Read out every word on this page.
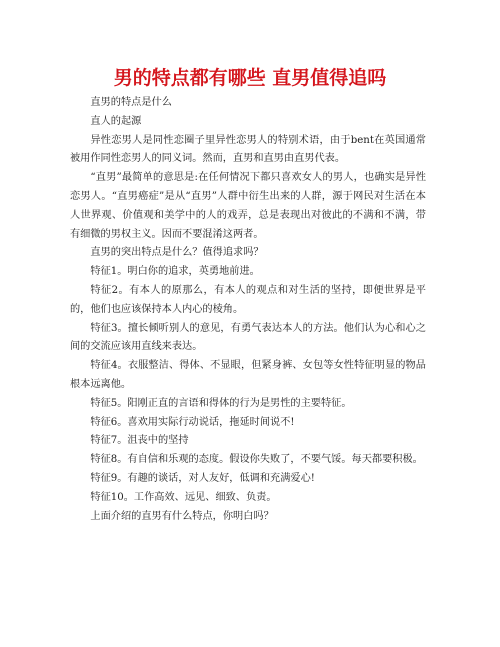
男的特点都有哪些 直男值得追吗

直男的特点是什么

直人的起源

异性恋男人是同性恋圈子里异性恋男人的特别术语，由于bent在英国通常被用作同性恋男人的同义词。然而，直男和直男由直男代表。

“直男”最简单的意思是:在任何情况下都只喜欢女人的男人，也确实是异性恋男人。“直男癌症”是从“直男”人群中衍生出来的人群，源于网民对生活在本人世界观、价值观和美学中的人的戏弄，总是表现出对彼此的不满和不满，带有细微的男权主义。因而不要混淆这两者。

直男的突出特点是什么？值得追求吗？

特征1。明白你的追求，英勇地前进。

特征2。有本人的原那么，有本人的观点和对生活的坚持，即便世界是平的，他们也应该保持本人内心的棱角。

特征3。擅长倾听别人的意见，有勇气表达本人的方法。他们认为心和心之间的交流应该用直线来表达。

特征4。衣服整洁、得体、不显眼，但紧身裤、女包等女性特征明显的物品根本远离他。

特征5。阳刚正直的言语和得体的行为是男性的主要特征。

特征6。喜欢用实际行动说话，拖延时间说不!

特征7。沮丧中的坚持

特征8。有自信和乐观的态度。假设你失败了，不要气馁。每天都要积极。

特征9。有趣的谈话，对人友好，低调和充满爱心!

特征10。工作高效、远见、细致、负责。

上面介绍的直男有什么特点，你明白吗？
